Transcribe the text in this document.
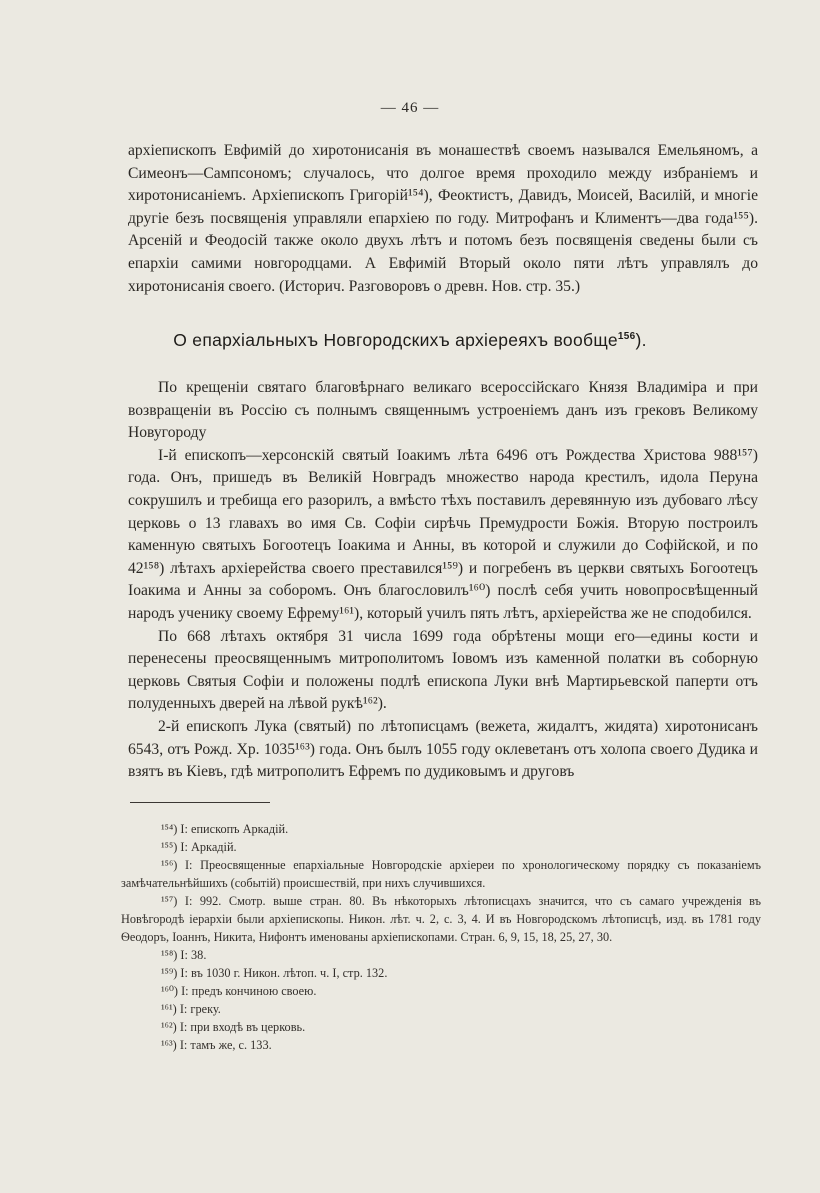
— 46 —

архіепископъ Евфимій до хиротонисанія въ монашествѣ своемъ назывался Емельяномъ, а Симеонъ—Сампсономъ; случалось, что долгое время проходило между избраніемъ и хиротонисаніемъ. Архіепископъ Григорій¹⁵⁴), Феоктистъ, Давидъ, Моисей, Василій, и многіе другіе безъ посвященія управляли епархіею по году. Митрофанъ и Климентъ—два года¹⁵⁵). Арсеній и Феодосій также около двухъ лѣтъ и потомъ безъ посвященія сведены были съ епархіи самими новгородцами. А Евфимій Вторый около пяти лѣтъ управлялъ до хиротонисанія своего. (Историч. Разговоровъ о древн. Нов. стр. 35.)

О епархіальныхъ Новгородскихъ архіереяхъ вообще$^{156}$).

По крещеніи святаго благовѣрнаго великаго всероссійскаго Князя Владиміра и при возвращеніи въ Россію съ полнымъ священнымъ устроеніемъ данъ изъ грековъ Великому Новугороду

І-й епископъ—херсонскій святый Іоакимъ лѣта 6496 отъ Рождества Христова 988¹⁵⁷) года. Онъ, пришедъ въ Великій Новградъ множество народа крестилъ, идола Перуна сокрушилъ и требища его разорилъ, а вмѣсто тѣхъ поставилъ деревянную изъ дубоваго лѣсу церковь о 13 главахъ во имя Св. Софіи сирѣчь Премудрости Божія. Вторую построилъ каменную святыхъ Богоотецъ Іоакима и Анны, въ которой и служили до Софійской, и по 42¹⁵⁸) лѣтахъ архіерейства своего преставился¹⁵⁹) и погребенъ въ церкви святыхъ Богоотецъ Іоакима и Анны за соборомъ. Онъ благословилъ¹⁶⁰) послѣ себя учить новопросвѣщенный народъ ученику своему Ефрему¹⁶¹), который училъ пять лѣтъ, архіерейства же не сподобился.

По 668 лѣтахъ октября 31 числа 1699 года обрѣтены мощи его—едины кости и перенесены преосвященнымъ митрополитомъ Іовомъ изъ каменной полатки въ соборную церковь Святыя Софіи и положены подлѣ епископа Луки внѣ Мартирьевской паперти отъ полуденныхъ дверей на лѣвой рукѣ¹⁶²).

2-й епископъ Лука (святый) по лѣтописцамъ (вежета, жидалтъ, жидята) хиротонисанъ 6543, отъ Рожд. Хр. 1035¹⁶³) года. Онъ былъ 1055 году оклеветанъ отъ холопа своего Дудика и взятъ въ Кіевъ, гдѣ митрополитъ Ефремъ по дудиковымъ и друговъ

¹⁵⁴) І: епископъ Аркадій.

¹⁵⁵) І: Аркадій.

¹⁵⁶) І: Преосвященные епархіальные Новгородскіе архіереи по хронологическому порядку съ показаніемъ замѣчательнѣйшихъ (событій) происшествій, при нихъ случившихся.

¹⁵⁷) І: 992. Смотр. выше стран. 80. Въ нѣкоторыхъ лѣтописцахъ значится, что съ самаго учрежденія въ Новѣгородѣ іерархіи были архіепископы. Никон. лѣт. ч. 2, с. 3, 4. И въ Новгородскомъ лѣтописцѣ, изд. въ 1781 году Ѳеодоръ, Іоаннъ, Никита, Нифонтъ именованы архіепископами. Стран. 6, 9, 15, 18, 25, 27, 30.

¹⁵⁸) І: 38.

¹⁵⁹) І: въ 1030 г. Никон. лѣтоп. ч. І, стр. 132.

¹⁶⁰) І: предъ кончиною своею.

¹⁶¹) І: греку.

¹⁶²) І: при входѣ въ церковь.

¹⁶³) І: тамъ же, с. 133.
